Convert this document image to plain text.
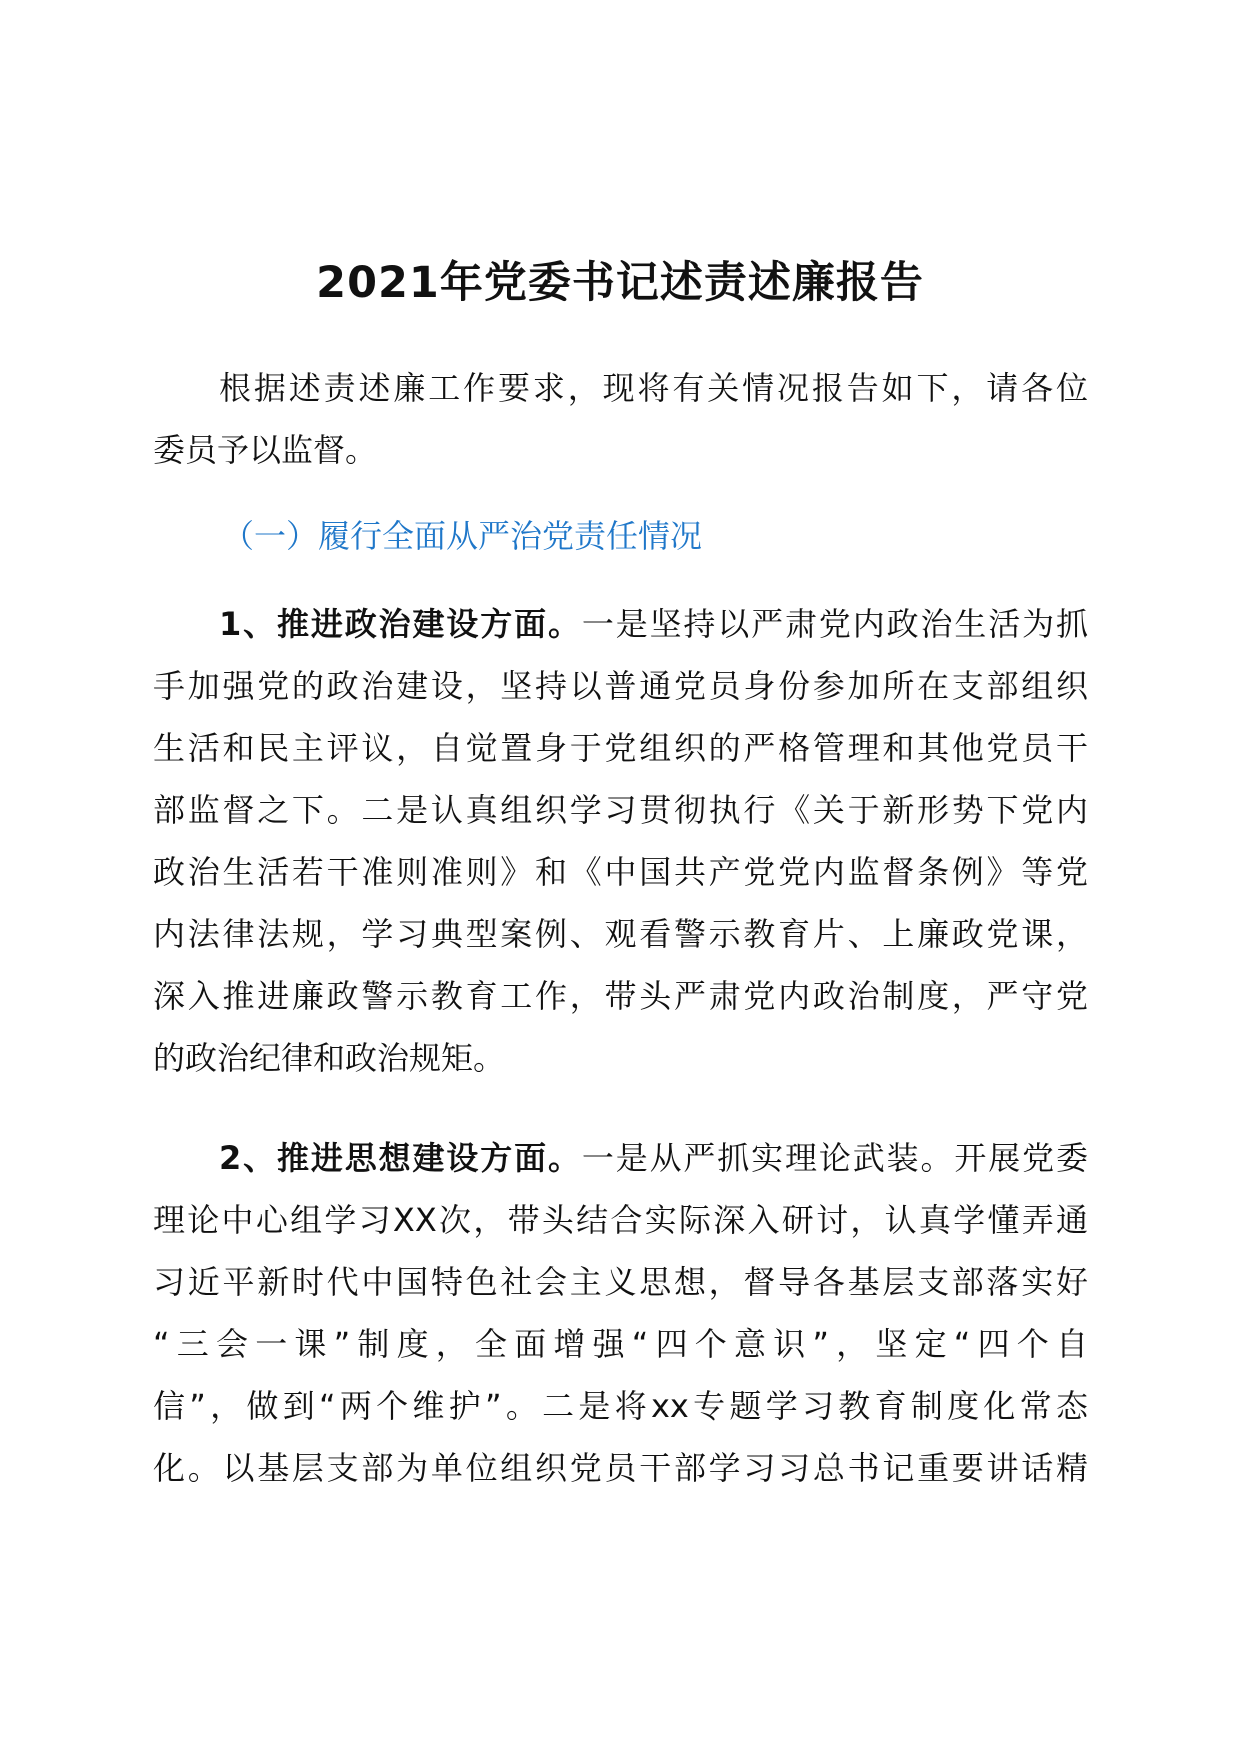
2021年党委书记述责述廉报告
根据述责述廉工作要求，现将有关情况报告如下，请各位
委员予以监督。
（一）履行全面从严治党责任情况
1、推进政治建设方面。一是坚持以严肃党内政治生活为抓
手加强党的政治建设，坚持以普通党员身份参加所在支部组织
生活和民主评议，自觉置身于党组织的严格管理和其他党员干
部监督之下。二是认真组织学习贯彻执行《关于新形势下党内
政治生活若干准则准则》和《中国共产党党内监督条例》等党
内法律法规，学习典型案例、观看警示教育片、上廉政党课，
深入推进廉政警示教育工作，带头严肃党内政治制度，严守党
的政治纪律和政治规矩。
2、推进思想建设方面。一是从严抓实理论武装。开展党委
理论中心组学习XX次，带头结合实际深入研讨，认真学懂弄通
习近平新时代中国特色社会主义思想，督导各基层支部落实好
“三会一课”制度，全面增强“四个意识”，坚定“四个自
信”，做到“两个维护”。二是将xx专题学习教育制度化常态
化。以基层支部为单位组织党员干部学习习总书记重要讲话精
